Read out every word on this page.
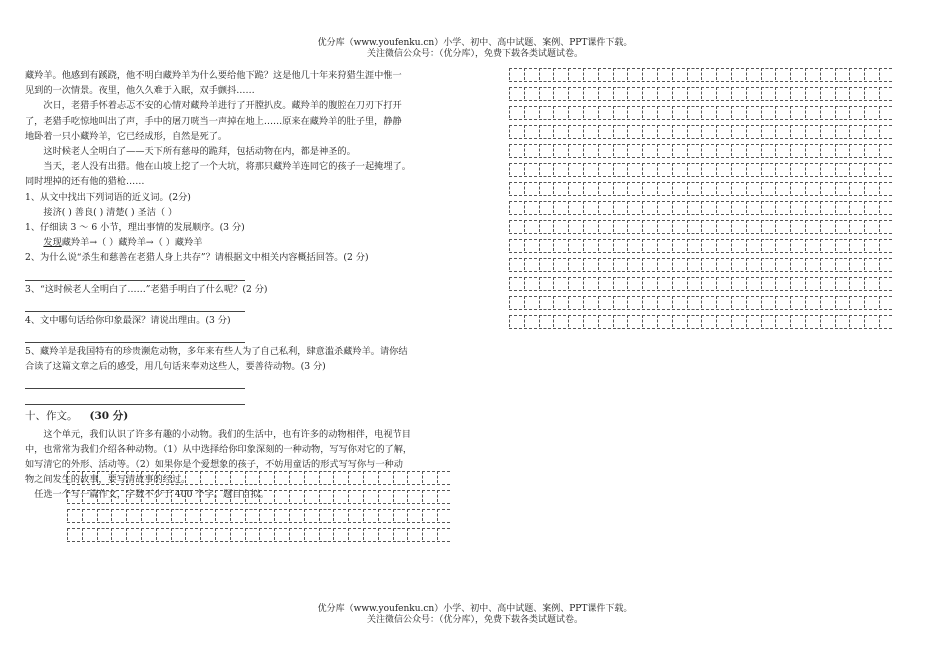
优分库（www.youfenku.cn）小学、初中、高中试题、案例、PPT课件下载。
关注微信公众号：（优分库），免费下载各类试题试卷。

藏羚羊。他感到有蹊跷，他不明白藏羚羊为什么要给他下跪？这是他几十年来狩猎生涯中惟一

见到的一次情景。夜里，他久久难于入眠，双手颤抖……

次日，老猎手怀着忐忑不安的心情对藏羚羊进行了开膛扒皮。藏羚羊的腹腔在刀刃下打开

了，老猎手吃惊地叫出了声，手中的屠刀咣当一声掉在地上……原来在藏羚羊的肚子里，静静

地卧着一只小藏羚羊，它已经成形，自然是死了。

这时候老人全明白了——天下所有慈母的跪拜，包括动物在内，都是神圣的。

当天，老人没有出猎。他在山坡上挖了一个大坑，将那只藏羚羊连同它的孩子一起掩埋了。

同时埋掉的还有他的猎枪……

1、从文中找出下列词语的近义词。(2分)

接济( ) 善良( ) 清楚( ) 圣洁（ ）

1、仔细读 3 ～ 6 小节，理出事情的发展顺序。(3 分)

发现藏羚羊→（ ）藏羚羊→（ ）藏羚羊

2、为什么说“杀生和慈善在老猎人身上共存”？请根据文中相关内容概括回答。(2 分)

3、“这时候老人全明白了……”老猎手明白了什么呢？(2 分)

4、文中哪句话给你印象最深？请说出理由。(3 分)

5、藏羚羊是我国特有的珍贵濒危动物，多年来有些人为了自己私利，肆意滥杀藏羚羊。请你结

合读了这篇文章之后的感受，用几句话来奉劝这些人，要善待动物。(3 分)

十、作文。 (30 分)

这个单元，我们认识了许多有趣的小动物。我们的生活中，也有许多的动物相伴，电视节目

中，也常常为我们介绍各种动物。（1）从中选择给你印象深刻的一种动物，写写你对它的了解，

如写清它的外形、活动等。（2）如果你是个爱想象的孩子，不妨用童话的形式写写你与一种动

物之间发生的故事，要写清故事的经过。

任选一个写一篇作文，字数不少于 400 个字。题目自拟。

优分库（www.youfenku.cn）小学、初中、高中试题、案例、PPT课件下载。
关注微信公众号：（优分库），免费下载各类试题试卷。
